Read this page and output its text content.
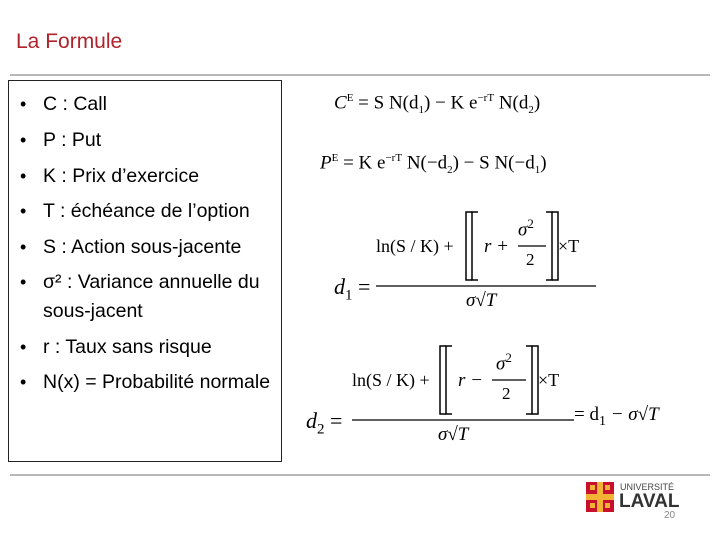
La Formule
• C : Call
• P : Put
• K : Prix d’exercice
• T : échéance de l’option
• S : Action sous-jacente
• σ² : Variance annuelle du sous-jacent
• r : Taux sans risque
• N(x) = Probabilité normale
$C^E = S$ $N(d_1) - K$ $e^{-rT}$ $N(d_2)$
$P^E = K$ $e^{-rT}$ $N(-d_2) - S$ $N(-d_1)$
$d_1$ =
ln(S / K) + r +
$\sigma^2$
2
×T
σ√T
$d_2$ =
ln(S / K) + r −
$\sigma^2$
2
×T
σ√T
= $d_1 - \sigma√T$
UNIVERSITÉ
LAVAL
20
